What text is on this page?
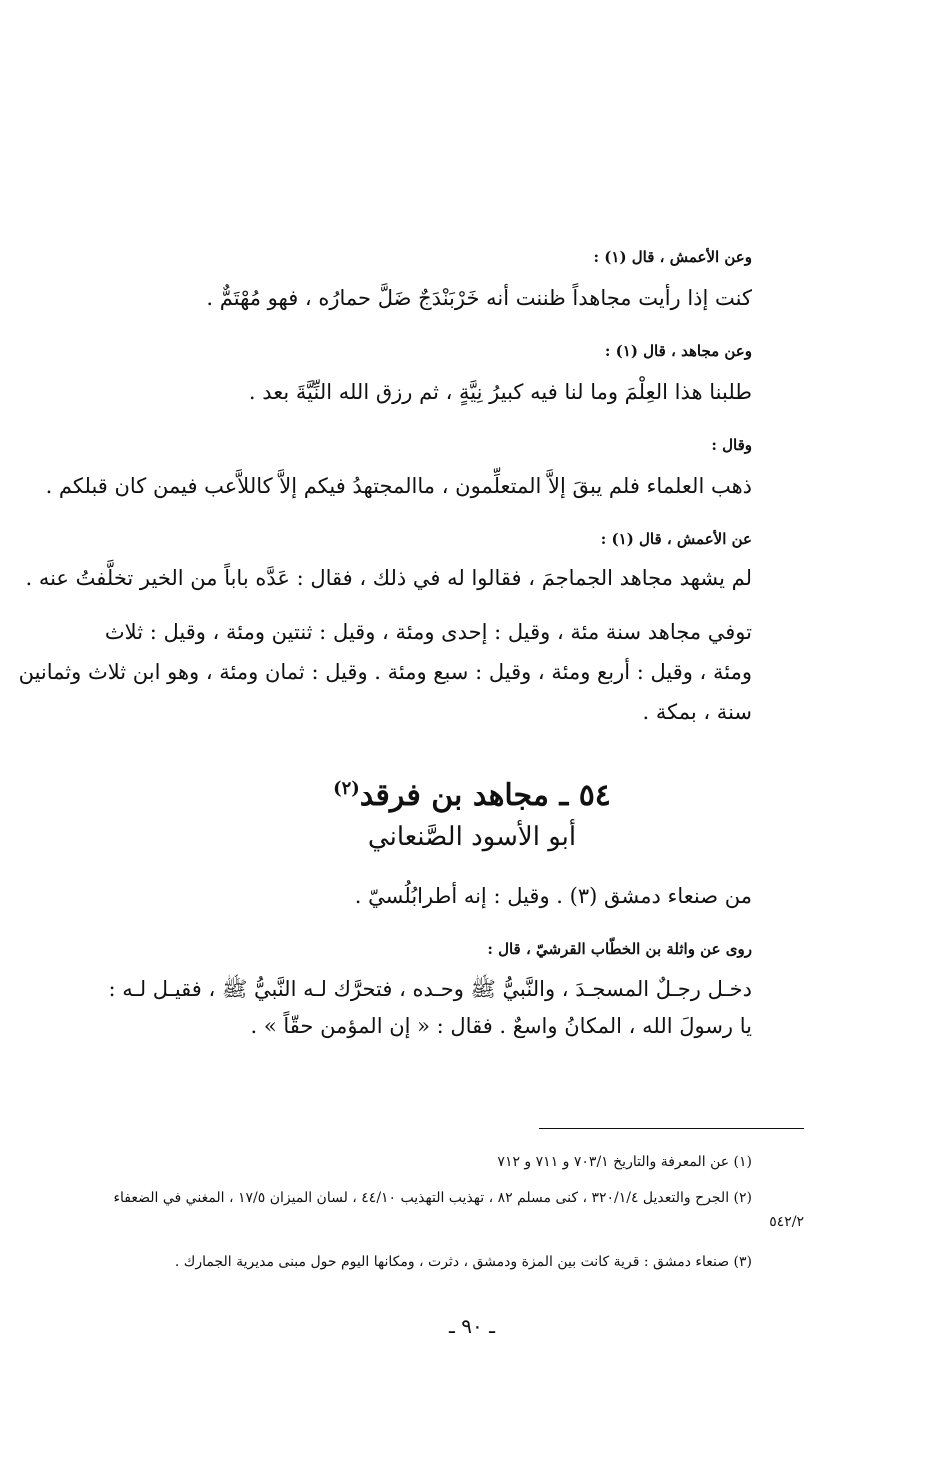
وعن الأعمش ، قال (١) :
كنت إذا رأيت مجاهداً ظننت أنه خَرْبَنْدَجٌ ضَلَّ حمارُه ، فهو مُهْتَمٌّ .
وعن مجاهد ، قال (١) :
طلبنا هذا العِلْمَ وما لنا فيه كبيرُ نِيَّةٍ ، ثم رزق الله النِّيَّةَ بعد .
وقال :
ذهب العلماء فلم يبقَ إلاَّ المتعلِّمون ، ماالمجتهدُ فيكم إلاَّ كاللاَّعب فيمن كان قبلكم .
عن الأعمش ، قال (١) :
لم يشهد مجاهد الجماجمَ ، فقالوا له في ذلك ، فقال : عَدَّه باباً من الخير تخلَّفتُ عنه .
توفي مجاهد سنة مئة ، وقيل : إحدى ومئة ، وقيل : ثنتين ومئة ، وقيل : ثلاث
ومئة ، وقيل : أربع ومئة ، وقيل : سبع ومئة . وقيل : ثمان ومئة ، وهو ابن ثلاث وثمانين
سنة ، بمكة .
٥٤ ـ مجاهد بن فرقد$^{(٢)}$
أبو الأسود الصَّنعاني
من صنعاء دمشق (٣) . وقيل : إنه أطرابُلُسيّ .
روى عن واثلة بن الخطّاب القرشيّ ، قال :
دخـل رجـلٌ المسجـدَ ، والنَّبيُّ ﷺ وحـده ، فتحرَّك لـه النَّبيُّ ﷺ ، فقيـل لـه :
يا رسولَ الله ، المكانُ واسعٌ . فقال : « إن المؤمن حقّاً » .
(١) عن المعرفة والتاريخ ٧٠٣/١ و ٧١١ و ٧١٢
(٢) الجرح والتعديل ٣٢٠/١/٤ ، كنى مسلم ٨٢ ، تهذيب التهذيب ٤٤/١٠ ، لسان الميزان ١٧/٥ ، المغني في الضعفاء
٥٤٢/٢
(٣) صنعاء دمشق : قرية كانت بين المزة ودمشق ، دثرت ، ومكانها اليوم حول مبنى مديرية الجمارك .
ـ ٩٠ ـ
